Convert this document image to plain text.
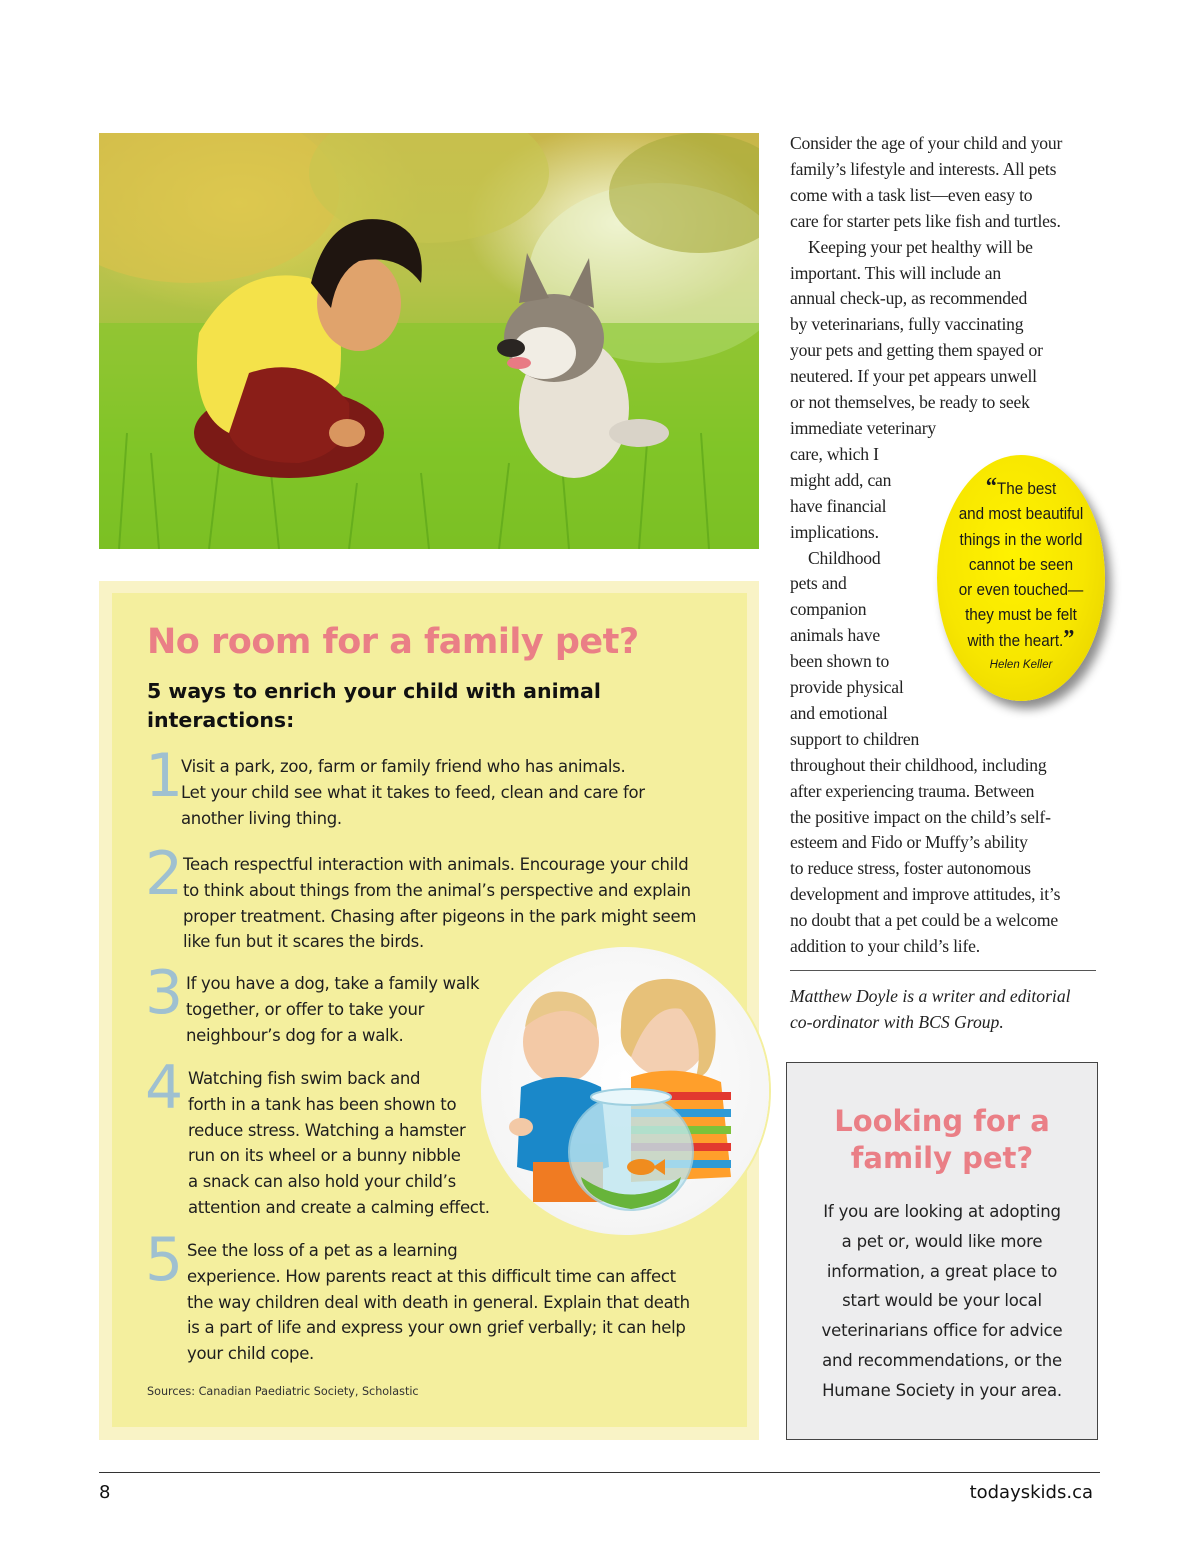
Consider the age of your child and your
family’s lifestyle and interests. All pets
come with a task list—even easy to
care for starter pets like fish and turtles.

Keeping your pet healthy will be
important. This will include an
annual check-up, as recommended
by veterinarians, fully vaccinating
your pets and getting them spayed or
neutered. If your pet appears unwell
or not themselves, be ready to seek
immediate veterinary
care, which I
might add, can
have financial
implications.

Childhood
pets and
companion
animals have
been shown to
provide physical
and emotional
support to children
throughout their childhood, including
after experiencing trauma. Between
the positive impact on the child’s self-
esteem and Fido or Muffy’s ability
to reduce stress, foster autonomous
development and improve attitudes, it’s
no doubt that a pet could be a welcome
addition to your child’s life.

Matthew Doyle is a writer and editorial
co-ordinator with BCS Group.
“The best
and most beautiful
things in the world
cannot be seen
or even touched—
they must be felt
with the heart.”
Helen Keller
No room for a family pet?
5 ways to enrich your child with animal interactions:
1
Visit a park, zoo, farm or family friend who has animals.
Let your child see what it takes to feed, clean and care for
another living thing.
2 Teach respectful interaction with animals. Encourage your child
to think about things from the animal’s perspective and explain
proper treatment. Chasing after pigeons in the park might seem
like fun but it scares the birds.
3 If you have a dog, take a family walk
together, or offer to take your
neighbour’s dog for a walk.
4 Watching fish swim back and
forth in a tank has been shown to
reduce stress. Watching a hamster
run on its wheel or a bunny nibble
a snack can also hold your child’s
attention and create a calming effect.
5 See the loss of a pet as a learning
experience. How parents react at this difficult time can affect
the way children deal with death in general. Explain that death
is a part of life and express your own grief verbally; it can help
your child cope.
Sources: Canadian Paediatric Society, Scholastic
Looking for a
family pet?
If you are looking at adopting
a pet or, would like more
information, a great place to
start would be your local
veterinarians office for advice
and recommendations, or the
Humane Society in your area.
8	todayskids.ca
